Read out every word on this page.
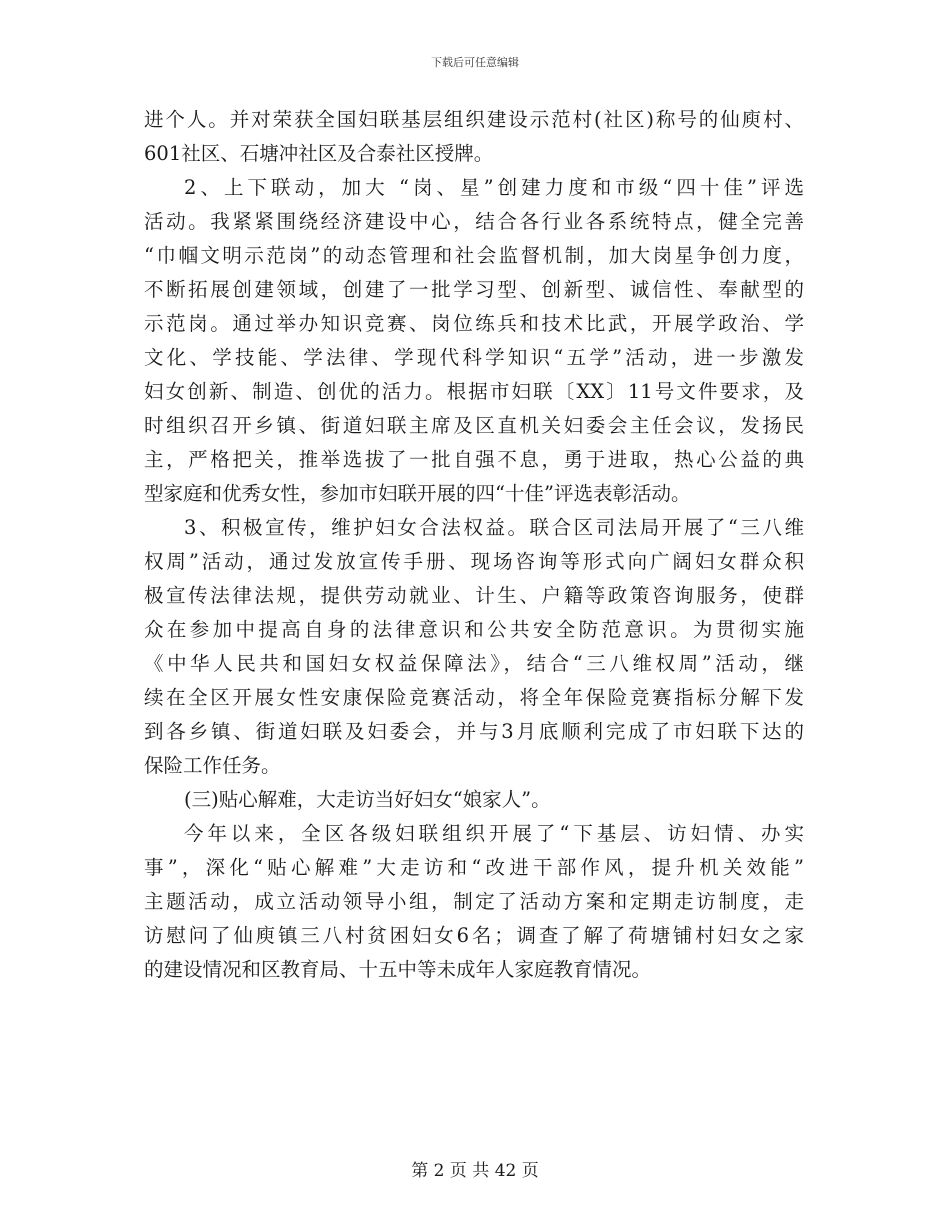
下载后可任意编辑
进个人。并对荣获全国妇联基层组织建设示范村(社区)称号的仙庾村、
601社区、石塘冲社区及合泰社区授牌。
2、上下联动，加大 “岗、星”创建力度和市级“四十佳”评选
活动。我紧紧围绕经济建设中心，结合各行业各系统特点，健全完善
“巾帼文明示范岗”的动态管理和社会监督机制，加大岗星争创力度，
不断拓展创建领域，创建了一批学习型、创新型、诚信性、奉献型的
示范岗。通过举办知识竞赛、岗位练兵和技术比武，开展学政治、学
文化、学技能、学法律、学现代科学知识“五学”活动，进一步激发
妇女创新、制造、创优的活力。根据市妇联〔XX〕11号文件要求，及
时组织召开乡镇、街道妇联主席及区直机关妇委会主任会议，发扬民
主，严格把关，推举选拔了一批自强不息，勇于进取，热心公益的典
型家庭和优秀女性，参加市妇联开展的四“十佳”评选表彰活动。
3、积极宣传，维护妇女合法权益。联合区司法局开展了“三八维
权周”活动，通过发放宣传手册、现场咨询等形式向广阔妇女群众积
极宣传法律法规，提供劳动就业、计生、户籍等政策咨询服务，使群
众在参加中提高自身的法律意识和公共安全防范意识。为贯彻实施
《中华人民共和国妇女权益保障法》，结合“三八维权周”活动，继
续在全区开展女性安康保险竞赛活动，将全年保险竞赛指标分解下发
到各乡镇、街道妇联及妇委会，并与3月底顺利完成了市妇联下达的
保险工作任务。
(三)贴心解难，大走访当好妇女“娘家人”。
今年以来，全区各级妇联组织开展了“下基层、访妇情、办实
事”，深化“贴心解难”大走访和“改进干部作风，提升机关效能”
主题活动，成立活动领导小组，制定了活动方案和定期走访制度，走
访慰问了仙庾镇三八村贫困妇女6名；调查了解了荷塘铺村妇女之家
的建设情况和区教育局、十五中等未成年人家庭教育情况。
第 2 页 共 42 页
